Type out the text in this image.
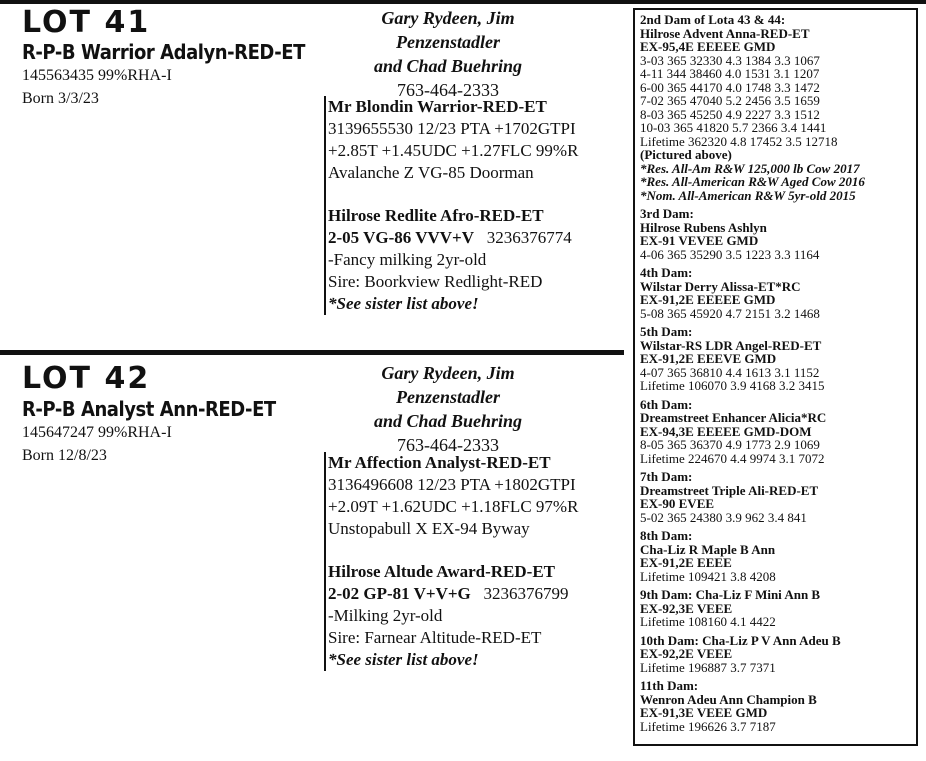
LOT 41
R-P-B Warrior Adalyn-RED-ET
145563435 99%RHA-I
Born 3/3/23
Gary Rydeen, Jim Penzenstadler
and Chad Buehring
763-464-2333
Mr Blondin Warrior-RED-ET
3139655530 12/23 PTA +1702GTPI
+2.85T +1.45UDC +1.27FLC 99%R
Avalanche Z VG-85 Doorman
Hilrose Redlite Afro-RED-ET
2-05 VG-86 VVV+V 3236376774
-Fancy milking 2yr-old
Sire: Boorkview Redlight-RED
*See sister list above!
LOT 42
R-P-B Analyst Ann-RED-ET
145647247 99%RHA-I
Born 12/8/23
Gary Rydeen, Jim Penzenstadler
and Chad Buehring
763-464-2333
Mr Affection Analyst-RED-ET
3136496608 12/23 PTA +1802GTPI
+2.09T +1.62UDC +1.18FLC 97%R
Unstopabull X EX-94 Byway
Hilrose Altude Award-RED-ET
2-02 GP-81 V+V+G 3236376799
-Milking 2yr-old
Sire: Farnear Altitude-RED-ET
*See sister list above!
2nd Dam of Lota 43 & 44:
Hilrose Advent Anna-RED-ET
EX-95,4E EEEEE GMD
3-03 365 32330 4.3 1384 3.3 1067
4-11 344 38460 4.0 1531 3.1 1207
6-00 365 44170 4.0 1748 3.3 1472
7-02 365 47040 5.2 2456 3.5 1659
8-03 365 45250 4.9 2227 3.3 1512
10-03 365 41820 5.7 2366 3.4 1441
Lifetime 362320 4.8 17452 3.5 12718
(Pictured above)
*Res. All-Am R&W 125,000 lb Cow 2017
*Res. All-American R&W Aged Cow 2016
*Nom. All-American R&W 5yr-old 2015
3rd Dam:
Hilrose Rubens Ashlyn
EX-91 VEVEE GMD
4-06 365 35290 3.5 1223 3.3 1164
4th Dam:
Wilstar Derry Alissa-ET*RC
EX-91,2E EEEEE GMD
5-08 365 45920 4.7 2151 3.2 1468
5th Dam:
Wilstar-RS LDR Angel-RED-ET
EX-91,2E EEEVE GMD
4-07 365 36810 4.4 1613 3.1 1152
Lifetime 106070 3.9 4168 3.2 3415
6th Dam:
Dreamstreet Enhancer Alicia*RC
EX-94,3E EEEEE GMD-DOM
8-05 365 36370 4.9 1773 2.9 1069
Lifetime 224670 4.4 9974 3.1 7072
7th Dam:
Dreamstreet Triple Ali-RED-ET
EX-90 EVEE
5-02 365 24380 3.9 962 3.4 841
8th Dam:
Cha-Liz R Maple B Ann
EX-91,2E EEEE
Lifetime 109421 3.8 4208
9th Dam: Cha-Liz F Mini Ann B
EX-92,3E VEEE
Lifetime 108160 4.1 4422
10th Dam: Cha-Liz P V Ann Adeu B
EX-92,2E VEEE
Lifetime 196887 3.7 7371
11th Dam:
Wenron Adeu Ann Champion B
EX-91,3E VEEE GMD
Lifetime 196626 3.7 7187
